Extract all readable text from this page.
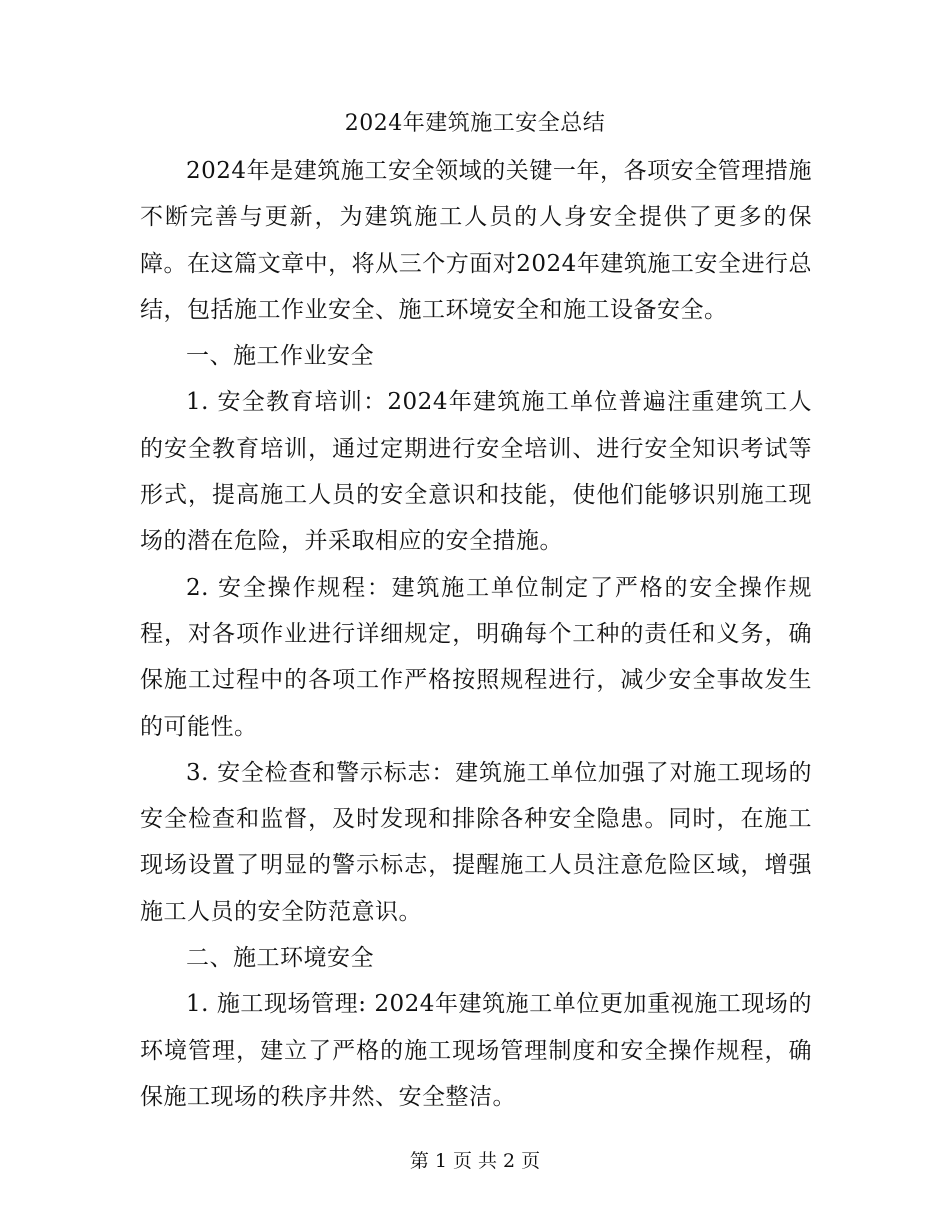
2024年建筑施工安全总结

2024年是建筑施工安全领域的关键一年，各项安全管理措施不断完善与更新，为建筑施工人员的人身安全提供了更多的保障。在这篇文章中，将从三个方面对2024年建筑施工安全进行总结，包括施工作业安全、施工环境安全和施工设备安全。

一、施工作业安全

1. 安全教育培训：2024年建筑施工单位普遍注重建筑工人的安全教育培训，通过定期进行安全培训、进行安全知识考试等形式，提高施工人员的安全意识和技能，使他们能够识别施工现场的潜在危险，并采取相应的安全措施。

2. 安全操作规程：建筑施工单位制定了严格的安全操作规程，对各项作业进行详细规定，明确每个工种的责任和义务，确保施工过程中的各项工作严格按照规程进行，减少安全事故发生的可能性。

3. 安全检查和警示标志：建筑施工单位加强了对施工现场的安全检查和监督，及时发现和排除各种安全隐患。同时，在施工现场设置了明显的警示标志，提醒施工人员注意危险区域，增强施工人员的安全防范意识。

二、施工环境安全

1. 施工现场管理: 2024年建筑施工单位更加重视施工现场的环境管理，建立了严格的施工现场管理制度和安全操作规程，确保施工现场的秩序井然、安全整洁。

第 1 页 共 2 页
